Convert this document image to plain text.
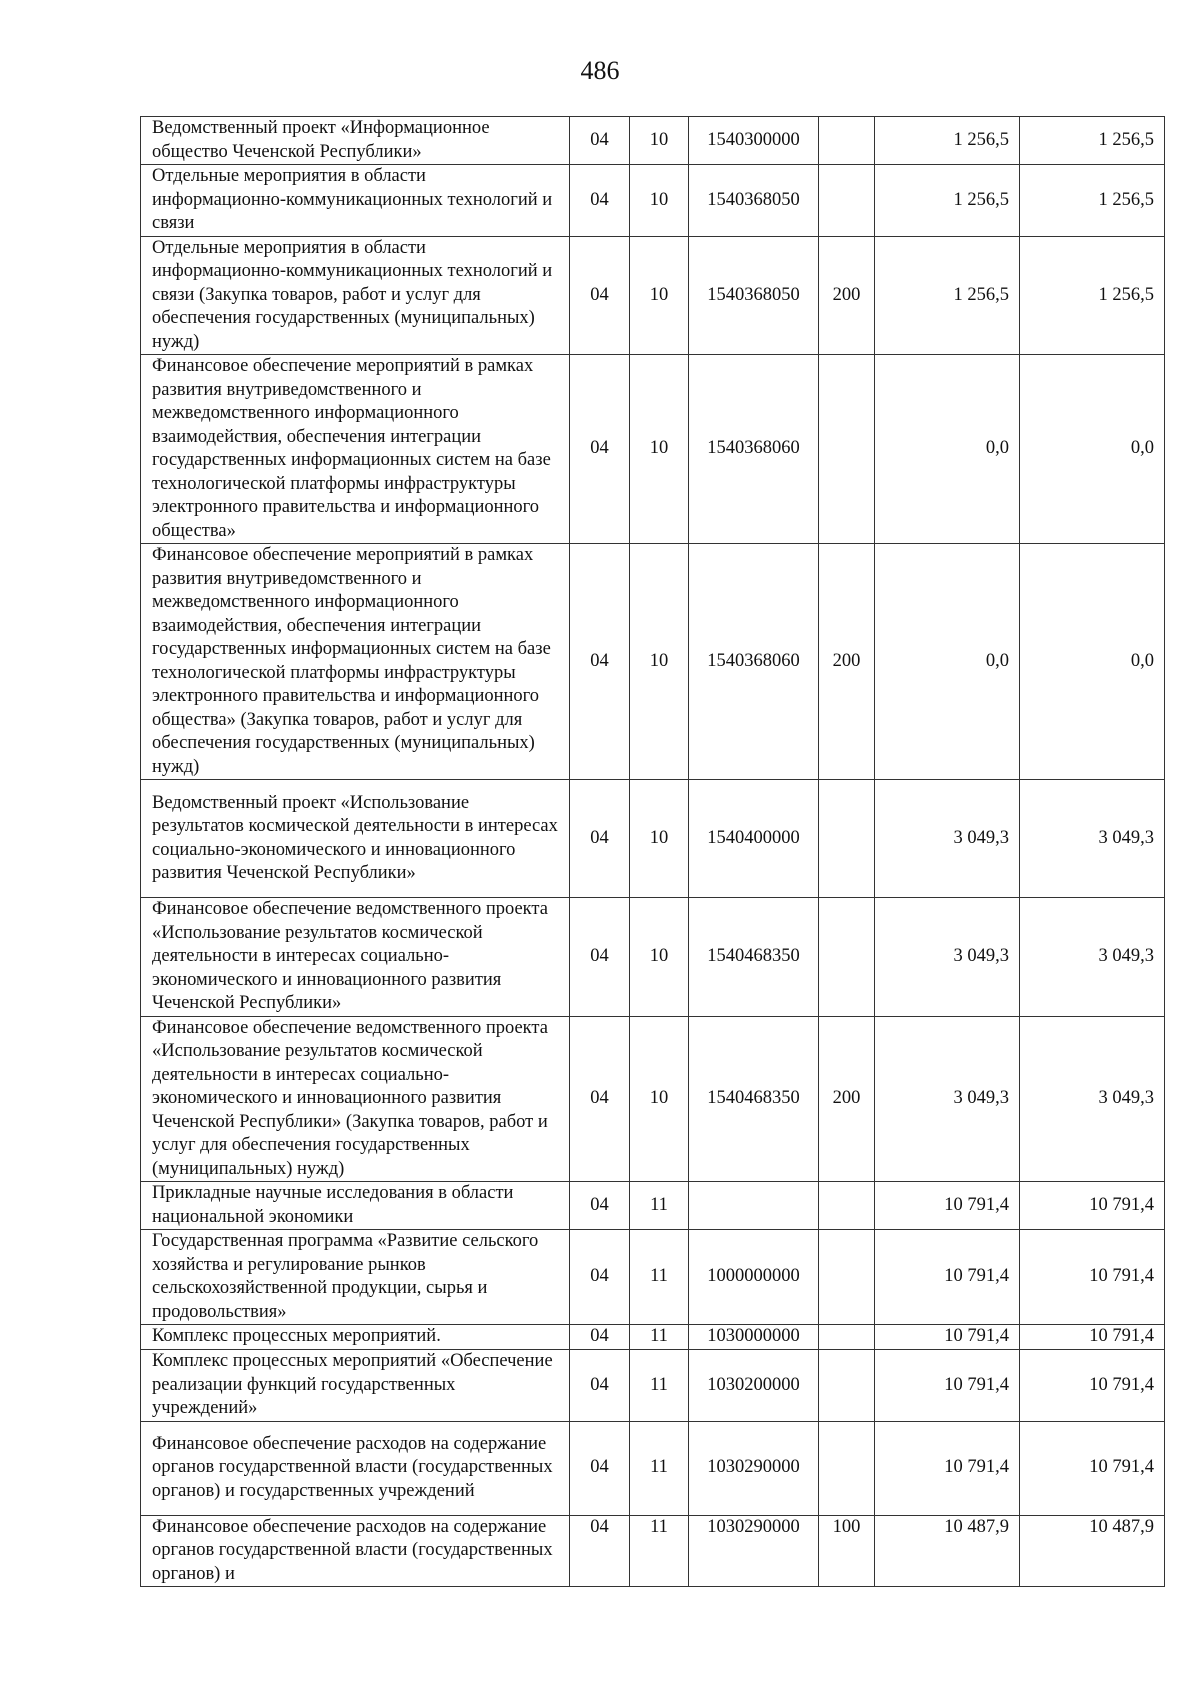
486
Ведомственный проект «Информационное общество Чеченской Республики»	04	10	1540300000		1 256,5	1 256,5
Отдельные мероприятия в области информационно-коммуникационных технологий и связи	04	10	1540368050		1 256,5	1 256,5
Отдельные мероприятия в области информационно-коммуникационных технологий и связи (Закупка товаров, работ и услуг для обеспечения государственных (муниципальных) нужд)	04	10	1540368050	200	1 256,5	1 256,5
Финансовое обеспечение мероприятий в рамках развития внутриведомственного и межведомственного информационного взаимодействия, обеспечения интеграции государственных информационных систем на базе технологической платформы инфраструктуры электронного правительства и информационного общества»	04	10	1540368060		0,0	0,0
Финансовое обеспечение мероприятий в рамках развития внутриведомственного и межведомственного информационного взаимодействия, обеспечения интеграции государственных информационных систем на базе технологической платформы инфраструктуры электронного правительства и информационного общества» (Закупка товаров, работ и услуг для обеспечения государственных (муниципальных) нужд)	04	10	1540368060	200	0,0	0,0
Ведомственный проект «Использование результатов космической деятельности в интересах социально-экономического и инновационного развития Чеченской Республики»	04	10	1540400000		3 049,3	3 049,3
Финансовое обеспечение ведомственного проекта «Использование результатов космической деятельности в интересах социально-экономического и инновационного развития Чеченской Республики»	04	10	1540468350		3 049,3	3 049,3
Финансовое обеспечение ведомственного проекта «Использование результатов космической деятельности в интересах социально-экономического и инновационного развития Чеченской Республики» (Закупка товаров, работ и услуг для обеспечения государственных (муниципальных) нужд)	04	10	1540468350	200	3 049,3	3 049,3
Прикладные научные исследования в области национальной экономики	04	11			10 791,4	10 791,4
Государственная программа «Развитие сельского хозяйства и регулирование рынков сельскохозяйственной продукции, сырья и продовольствия»	04	11	1000000000		10 791,4	10 791,4
Комплекс процессных мероприятий.	04	11	1030000000		10 791,4	10 791,4
Комплекс процессных мероприятий «Обеспечение реализации функций государственных учреждений»	04	11	1030200000		10 791,4	10 791,4
Финансовое обеспечение расходов на содержание органов государственной власти (государственных органов) и государственных учреждений	04	11	1030290000		10 791,4	10 791,4
Финансовое обеспечение расходов на содержание органов государственной власти (государственных органов) и	04	11	1030290000	100	10 487,9	10 487,9
